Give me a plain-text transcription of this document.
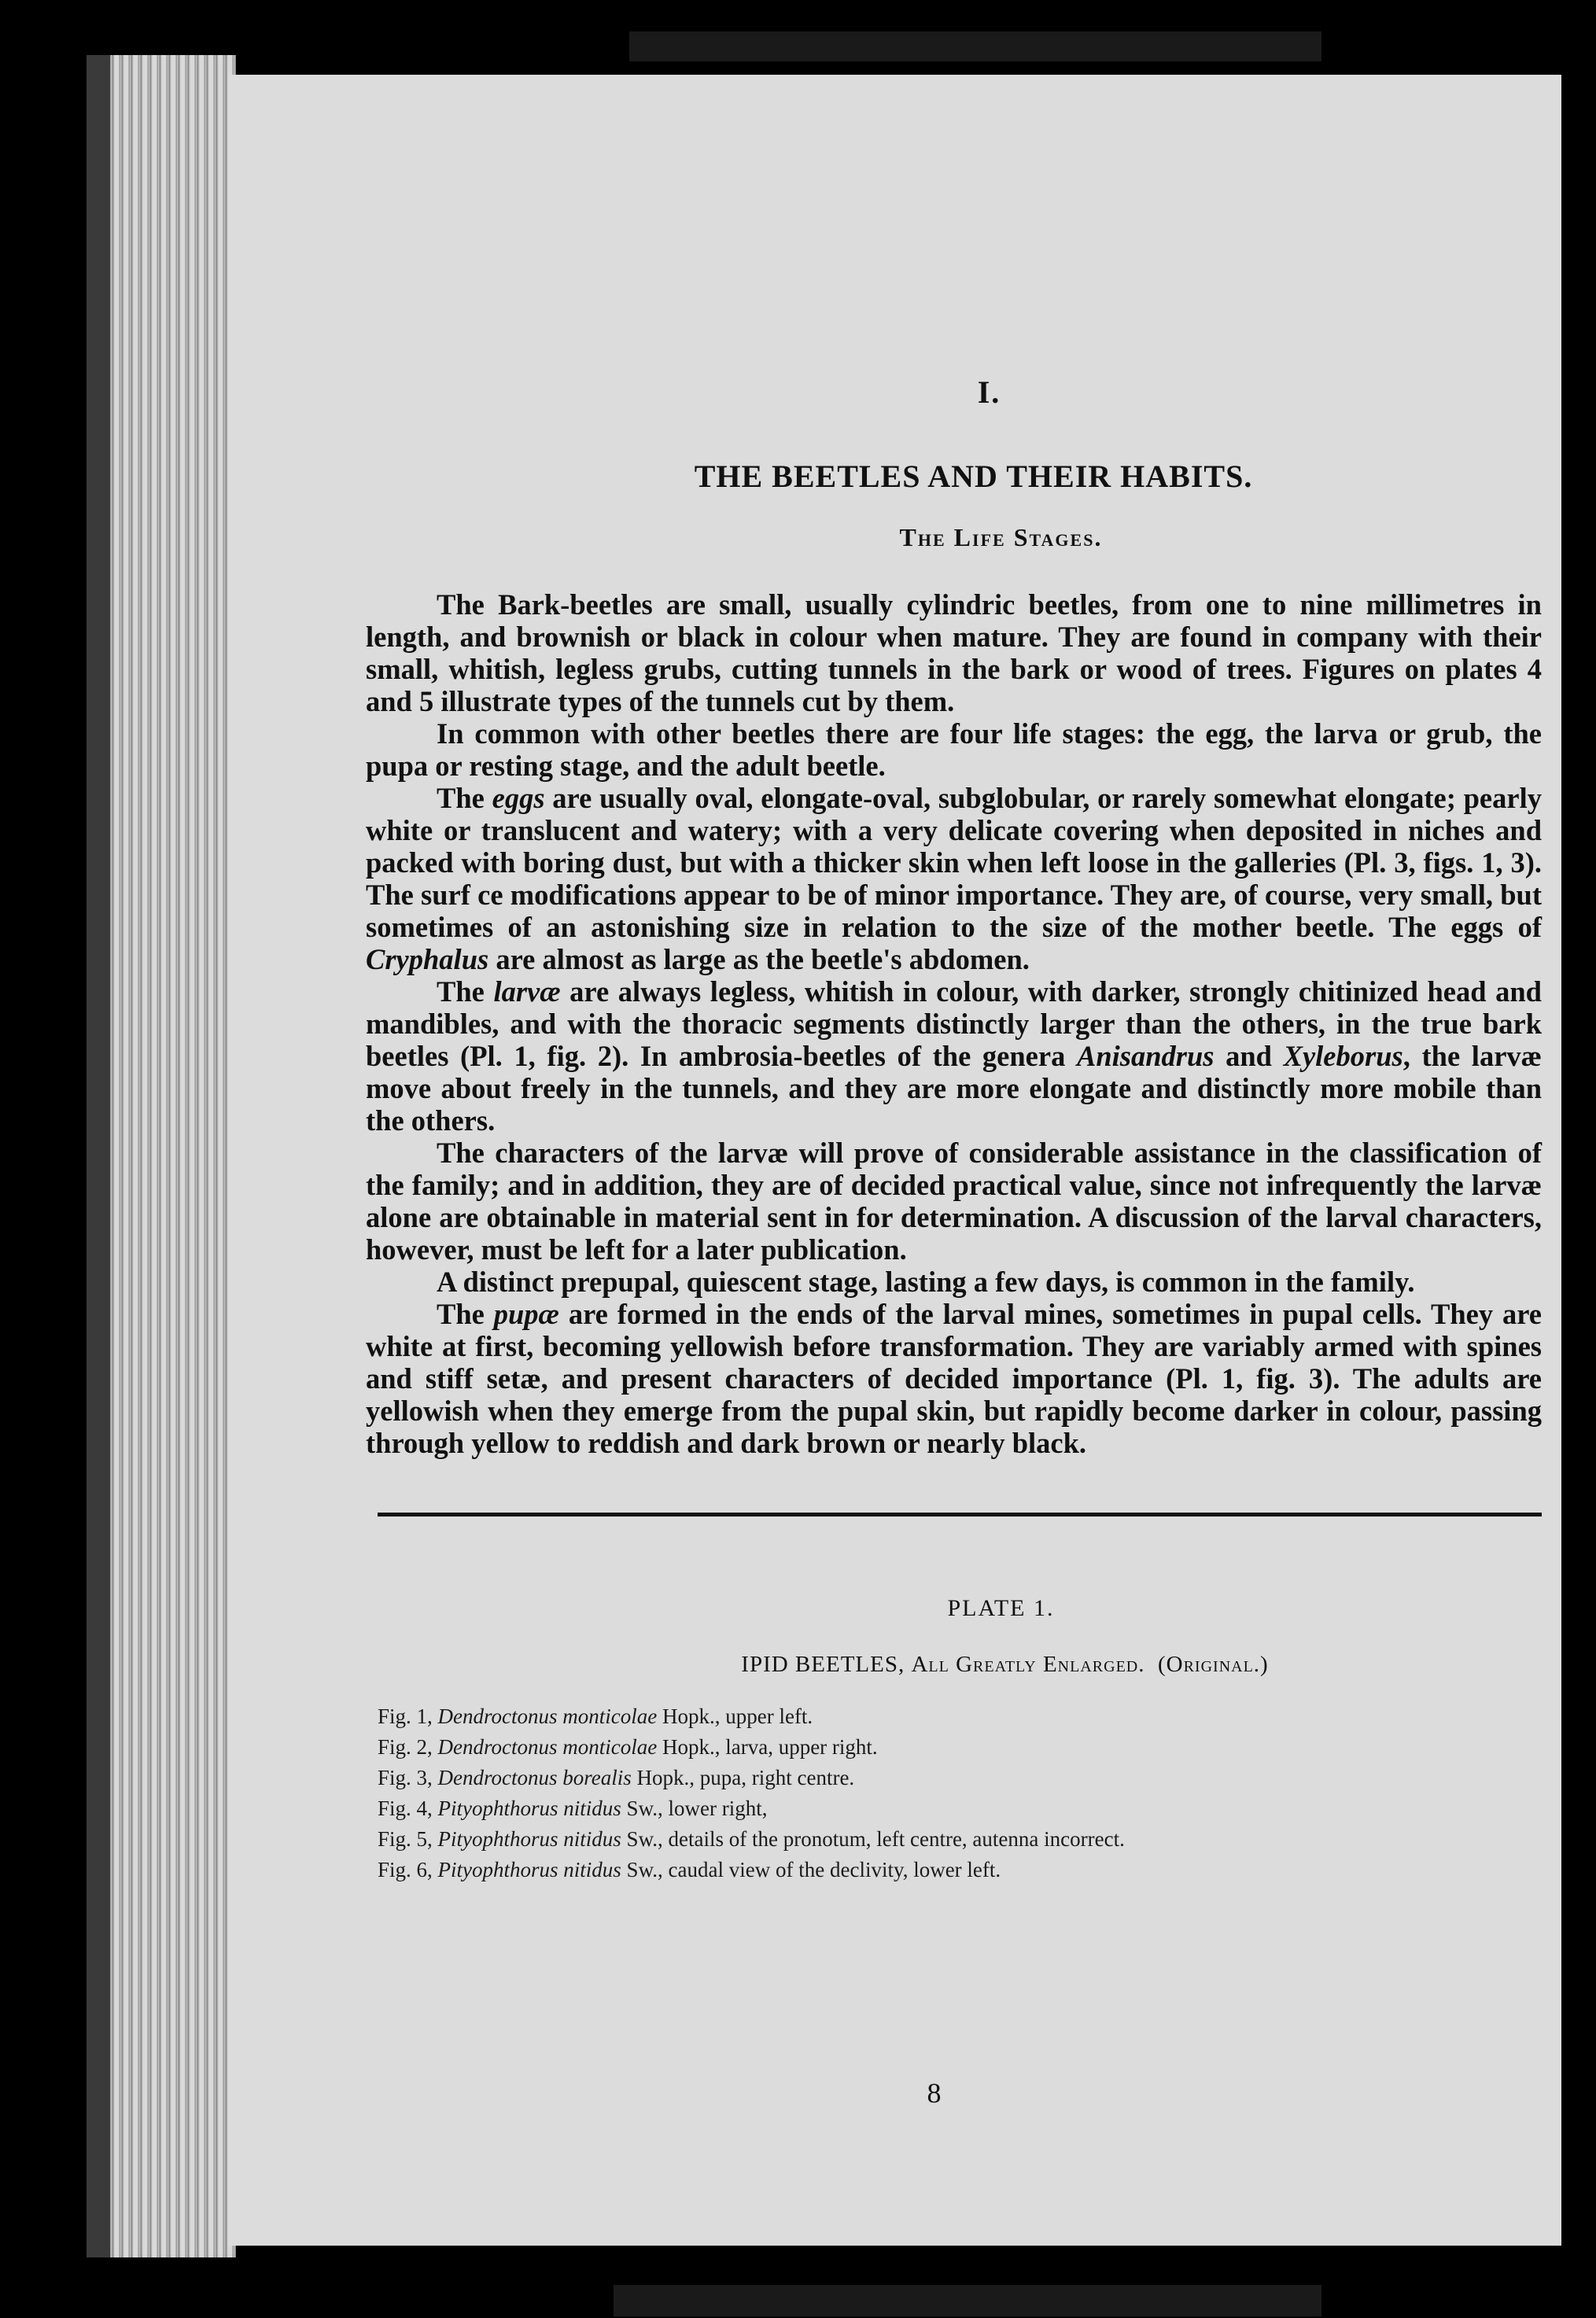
I.
THE BEETLES AND THEIR HABITS.
The Life Stages.

The Bark-beetles are small, usually cylindric beetles, from one to nine millimetres in length, and brownish or black in colour when mature. They are found in company with their small, whitish, legless grubs, cutting tunnels in the bark or wood of trees. Figures on plates 4 and 5 illustrate types of the tunnels cut by them.

In common with other beetles there are four life stages: the egg, the larva or grub, the pupa or resting stage, and the adult beetle.

The eggs are usually oval, elongate-oval, subglobular, or rarely somewhat elongate; pearly white or translucent and watery; with a very delicate covering when deposited in niches and packed with boring dust, but with a thicker skin when left loose in the galleries (Pl. 3, figs. 1, 3). The surf ce modifications appear to be of minor importance. They are, of course, very small, but sometimes of an astonishing size in relation to the size of the mother beetle. The eggs of Cryphalus are almost as large as the beetle's abdomen.

The larvæ are always legless, whitish in colour, with darker, strongly chitinized head and mandibles, and with the thoracic segments distinctly larger than the others, in the true bark beetles (Pl. 1, fig. 2). In ambrosia-beetles of the genera Anisandrus and Xyleborus, the larvæ move about freely in the tunnels, and they are more elongate and distinctly more mobile than the others.

The characters of the larvæ will prove of considerable assistance in the classification of the family; and in addition, they are of decided practical value, since not infrequently the larvæ alone are obtainable in material sent in for determination. A discussion of the larval characters, however, must be left for a later publication.

A distinct prepupal, quiescent stage, lasting a few days, is common in the family.

The pupæ are formed in the ends of the larval mines, sometimes in pupal cells. They are white at first, becoming yellowish before transformation. They are variably armed with spines and stiff setæ, and present characters of decided importance (Pl. 1, fig. 3). The adults are yellowish when they emerge from the pupal skin, but rapidly become darker in colour, passing through yellow to reddish and dark brown or nearly black.

PLATE 1.
IPID BEETLES, All Greatly Enlarged. (Original.)
Fig. 1, Dendroctonus monticolae Hopk., upper left.
Fig. 2, Dendroctonus monticolae Hopk., larva, upper right.
Fig. 3, Dendroctonus borealis Hopk., pupa, right centre.
Fig. 4, Pityophthorus nitidus Sw., lower right,
Fig. 5, Pityophthorus nitidus Sw., details of the pronotum, left centre, autenna incorrect.
Fig. 6, Pityophthorus nitidus Sw., caudal view of the declivity, lower left.
8
